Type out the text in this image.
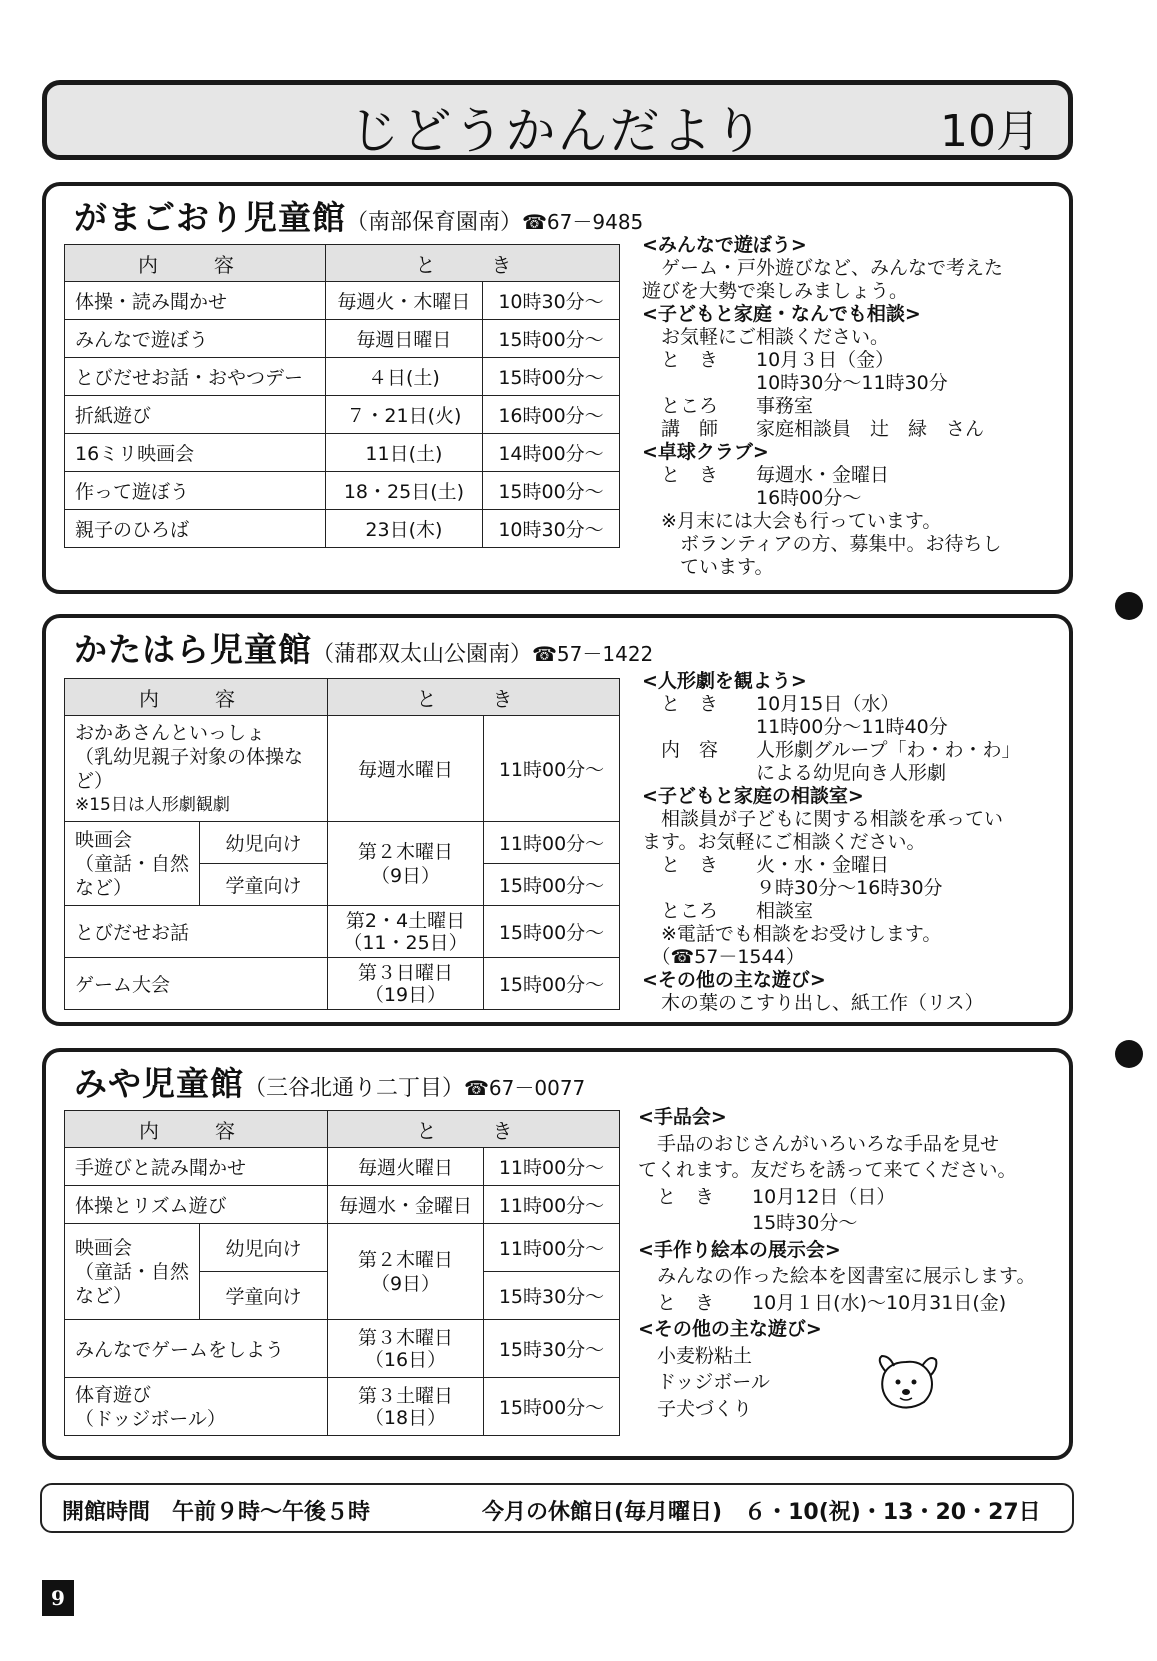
じどうかんだより	10月
がまごおり児童館（南部保育園南）☎67－9485
内　容	と　き	
体操・読み聞かせ	毎週火・木曜日	10時30分～
みんなで遊ぼう	毎週日曜日	15時00分～
とびだせお話・おやつデー	４日(土)	15時00分～
折紙遊び	７・21日(火)	16時00分～
16ミリ映画会	11日(土)	14時00分～
作って遊ぼう	18・25日(土)	15時00分～
親子のひろば	23日(木)	10時30分～
<みんなで遊ぼう>
　ゲーム・戸外遊びなど、みんなで考えた
遊びを大勢で楽しみましょう。
<子どもと家庭・なんでも相談>
　お気軽にご相談ください。
　と　き　　10月３日（金）
　　　　　　10時30分～11時30分
　ところ　　事務室
　講　師　　家庭相談員　辻　緑　さん
<卓球クラブ>
　と　き　　毎週水・金曜日
　　　　　　16時00分～
　※月末には大会も行っています。
　　ボランティアの方、募集中。お待ちし
　　ています。
かたはら児童館（蒲郡双太山公園南）☎57－1422
内　容		と　き	

おかあさんといっしょ
（乳幼児親子対象の体操など）
※15日は人形劇観劇		毎週水曜日	11時00分～
映画会
（童話・自然
など）	幼児向け	第２木曜日
（9日）	11時00分～
	学童向け		15時00分～
とびだせお話		第2・4土曜日
（11・25日）	15時00分～
ゲーム大会		第３日曜日
（19日）	15時00分～
<人形劇を観よう>
　と　き　　10月15日（水）
　　　　　　11時00分～11時40分
　内　容　　人形劇グループ「わ・わ・わ」
　　　　　　による幼児向き人形劇
<子どもと家庭の相談室>
　相談員が子どもに関する相談を承ってい
ます。お気軽にご相談ください。
　と　き　　火・水・金曜日
　　　　　　９時30分～16時30分
　ところ　　相談室
　※電話でも相談をお受けします。
　（☎57－1544）
<その他の主な遊び>
　木の葉のこすり出し、紙工作（リス）
みや児童館（三谷北通り二丁目）☎67－0077
内　容		と　き	
手遊びと読み聞かせ		毎週火曜日	11時00分～
体操とリズム遊び		毎週水・金曜日	11時00分～
映画会
（童話・自然
など）	幼児向け	第２木曜日
（9日）	11時00分～
	学童向け		15時30分～
みんなでゲームをしよう		第３木曜日
（16日）	15時30分～
体育遊び
（ドッジボール）		第３土曜日
（18日）	15時00分～
<手品会>
　手品のおじさんがいろいろな手品を見せ
てくれます。友だちを誘って来てください。
　と　き　　10月12日（日）
　　　　　　15時30分～
<手作り絵本の展示会>
　みんなの作った絵本を図書室に展示します。
　と　き　　10月１日(水)～10月31日(金)
<その他の主な遊び>
　小麦粉粘土
　ドッジボール
　子犬づくり
開館時間　午前９時～午後５時	今月の休館日(毎月曜日)　６・10(祝)・13・20・27日
9
